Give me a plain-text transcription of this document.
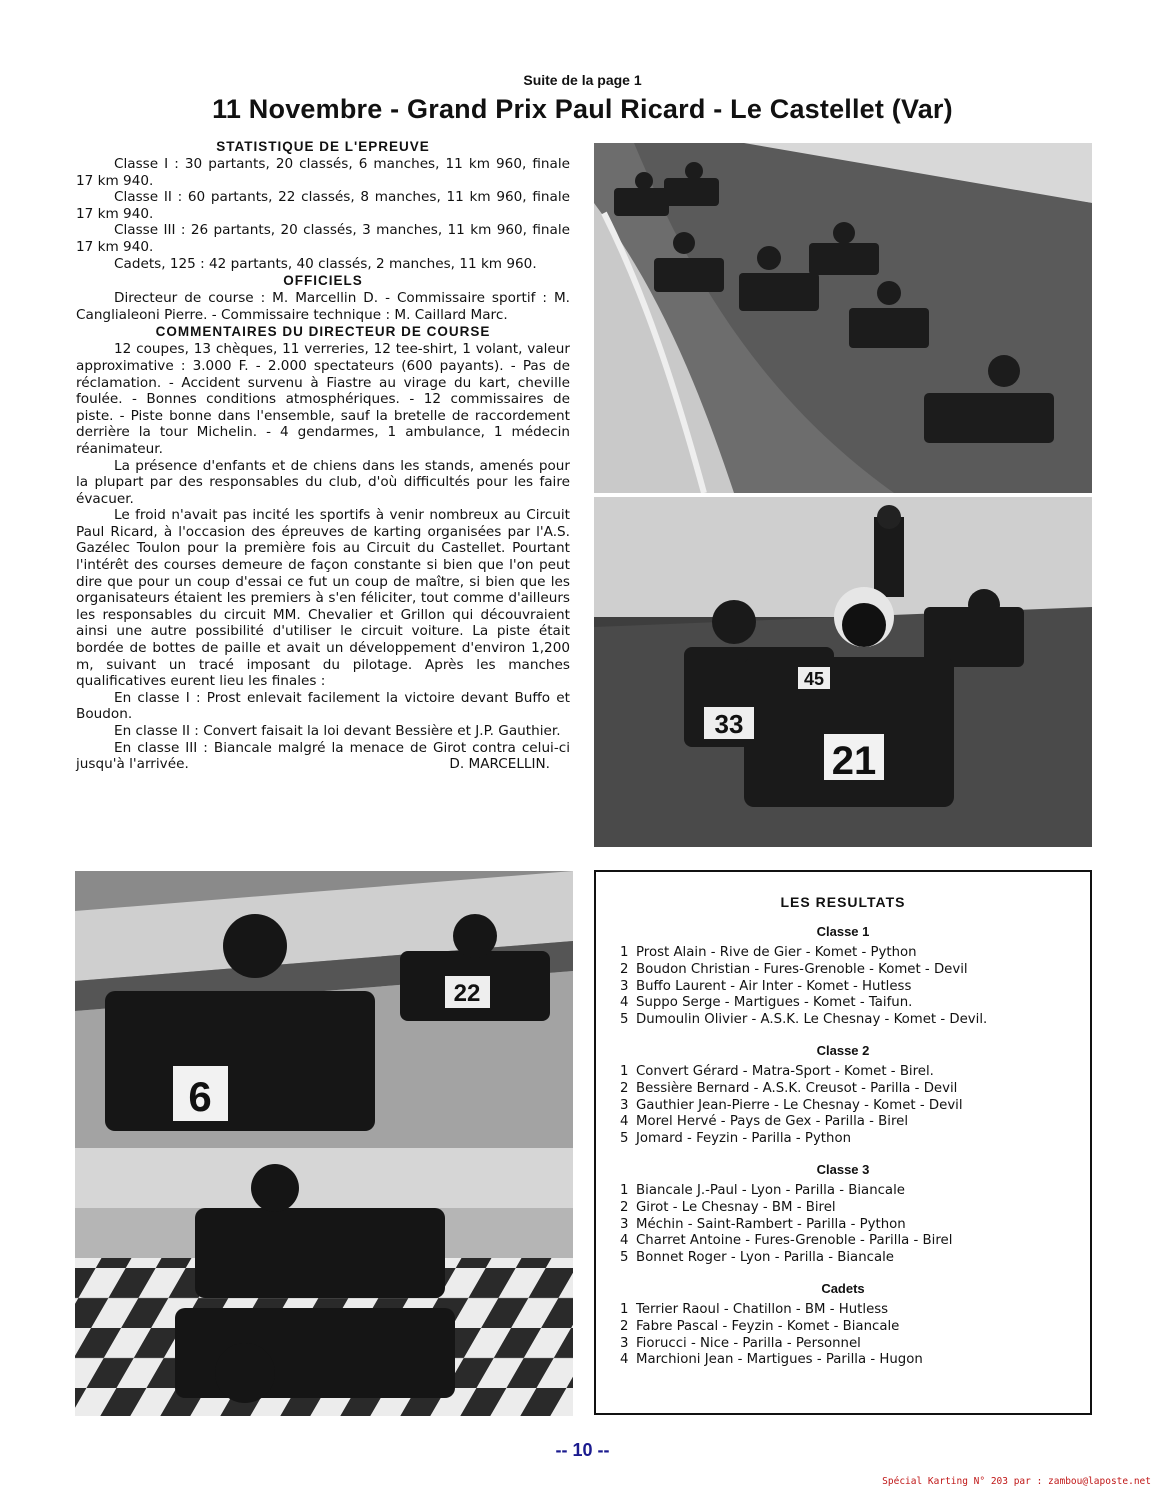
Suite de la page 1
11 Novembre - Grand Prix Paul Ricard - Le Castellet (Var)
STATISTIQUE DE L'EPREUVE

Classe I : 30 partants, 20 classés, 6 manches, 11 km 960, finale 17 km 940.

Classe II : 60 partants, 22 classés, 8 manches, 11 km 960, finale 17 km 940.

Classe III : 26 partants, 20 classés, 3 manches, 11 km 960, finale 17 km 940.

Cadets, 125 : 42 partants, 40 classés, 2 manches, 11 km 960.

OFFICIELS

Directeur de course : M. Marcellin D. - Commissaire sportif : M. Canglialeoni Pierre. - Commissaire technique : M. Caillard Marc.

COMMENTAIRES DU DIRECTEUR DE COURSE

12 coupes, 13 chèques, 11 verreries, 12 tee-shirt, 1 volant, valeur approximative : 3.000 F. - 2.000 spectateurs (600 payants). - Pas de réclamation. - Accident survenu à Fiastre au virage du kart, cheville foulée. - Bonnes conditions atmosphériques. - 12 commissaires de piste. - Piste bonne dans l'ensemble, sauf la bretelle de raccordement derrière la tour Michelin. - 4 gendarmes, 1 ambulance, 1 médecin réanimateur.

La présence d'enfants et de chiens dans les stands, amenés pour la plupart par des responsables du club, d'où difficultés pour les faire évacuer.

Le froid n'avait pas incité les sportifs à venir nombreux au Circuit Paul Ricard, à l'occasion des épreuves de karting organisées par l'A.S. Gazélec Toulon pour la première fois au Circuit du Castellet. Pourtant l'intérêt des courses demeure de façon constante si bien que l'on peut dire que pour un coup d'essai ce fut un coup de maître, si bien que les organisateurs étaient les premiers à s'en féliciter, tout comme d'ailleurs les responsables du circuit MM. Chevalier et Grillon qui découvraient ainsi une autre possibilité d'utiliser le circuit voiture. La piste était bordée de bottes de paille et avait un développement d'environ 1,200 m, suivant un tracé imposant du pilotage. Après les manches qualificatives eurent lieu les finales :

En classe I : Prost enlevait facilement la victoire devant Buffo et Boudon.

En classe II : Convert faisait la loi devant Bessière et J.P. Gauthier.

En classe III : Biancale malgré la menace de Girot contra celui-ci jusqu'à l'arrivée.	D. MARCELLIN.

33
45
21
22
6
LES RESULTATS
Classe 1
1 Prost Alain - Rive de Gier - Komet - Python
2 Boudon Christian - Fures-Grenoble - Komet - Devil
3 Buffo Laurent - Air Inter - Komet - Hutless
4 Suppo Serge - Martigues - Komet - Taifun.
5 Dumoulin Olivier - A.S.K. Le Chesnay - Komet - Devil.
Classe 2
1 Convert Gérard - Matra-Sport - Komet - Birel.
2 Bessière Bernard - A.S.K. Creusot - Parilla - Devil
3 Gauthier Jean-Pierre - Le Chesnay - Komet - Devil
4 Morel Hervé - Pays de Gex - Parilla - Birel
5 Jomard - Feyzin - Parilla - Python
Classe 3
1 Biancale J.-Paul - Lyon - Parilla - Biancale
2 Girot - Le Chesnay - BM - Birel
3 Méchin - Saint-Rambert - Parilla - Python
4 Charret Antoine - Fures-Grenoble - Parilla - Birel
5 Bonnet Roger - Lyon - Parilla - Biancale
Cadets
1 Terrier Raoul - Chatillon - BM - Hutless
2 Fabre Pascal - Feyzin - Komet - Biancale
3 Fiorucci - Nice - Parilla - Personnel
4 Marchioni Jean - Martigues - Parilla - Hugon
-- 10 --
Spécial Karting N° 203 par : zambou@laposte.net
